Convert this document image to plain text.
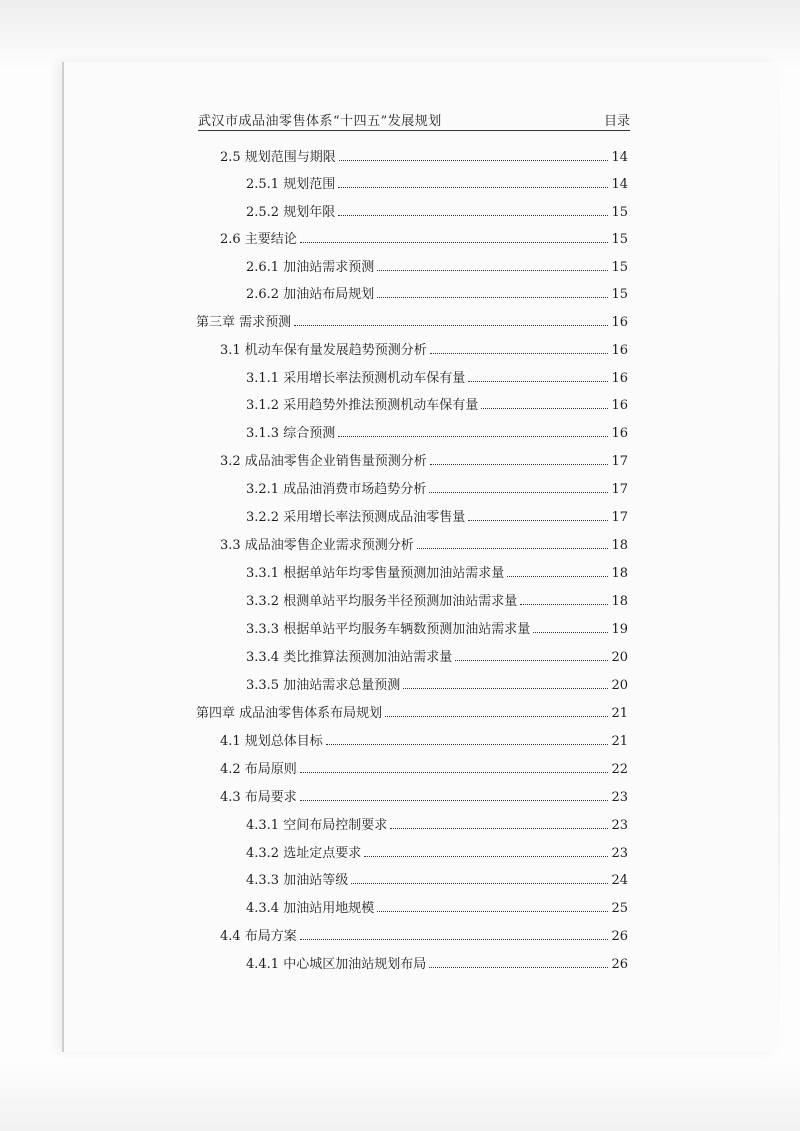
武汉市成品油零售体系“十四五”发展规划	目录
2.5 规划范围与期限	14
2.5.1 规划范围	14
2.5.2 规划年限	15
2.6 主要结论	15
2.6.1 加油站需求预测	15
2.6.2 加油站布局规划	15
第三章 需求预测	16
3.1 机动车保有量发展趋势预测分析	16
3.1.1 采用增长率法预测机动车保有量	16
3.1.2 采用趋势外推法预测机动车保有量	16
3.1.3 综合预测	16
3.2 成品油零售企业销售量预测分析	17
3.2.1 成品油消费市场趋势分析	17
3.2.2 采用增长率法预测成品油零售量	17
3.3 成品油零售企业需求预测分析	18
3.3.1 根据单站年均零售量预测加油站需求量	18
3.3.2 根测单站平均服务半径预测加油站需求量	18
3.3.3 根据单站平均服务车辆数预测加油站需求量	19
3.3.4 类比推算法预测加油站需求量	20
3.3.5 加油站需求总量预测	20
第四章 成品油零售体系布局规划	21
4.1 规划总体目标	21
4.2 布局原则	22
4.3 布局要求	23
4.3.1 空间布局控制要求	23
4.3.2 选址定点要求	23
4.3.3 加油站等级	24
4.3.4 加油站用地规模	25
4.4 布局方案	26
4.4.1 中心城区加油站规划布局	26
